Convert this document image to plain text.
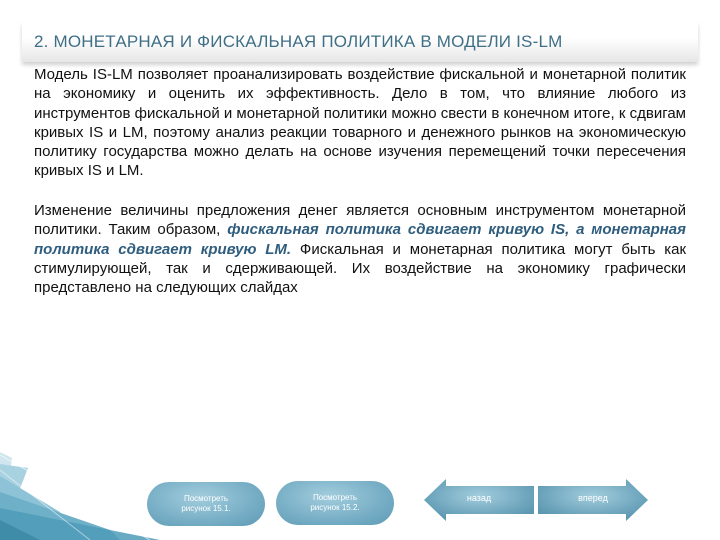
2. МОНЕТАРНАЯ И ФИСКАЛЬНАЯ ПОЛИТИКА В МОДЕЛИ IS-LM
Модель IS-LM позволяет проанализировать воздействие фискальной и монетарной политик на экономику и оценить их эффективность. Дело в том, что влияние любого из инструментов фискальной и монетарной политики можно свести в конечном итоге, к сдвигам кривых IS и LM, поэтому анализ реакции товарного и денежного рынков на экономическую политику государства можно делать на основе изучения перемещений точки пересечения кривых IS и LM.
Изменение величины предложения денег является основным инструментом монетарной политики. Таким образом, фискальная политика сдвигает кривую IS, а монетарная политика сдвигает кривую LM. Фискальная и монетарная политика могут быть как стимулирующей, так и сдерживающей. Их воздействие на экономику графически представлено на следующих слайдах
Посмотреть
рисунок 15.1.
Посмотреть
рисунок 15.2.
назад	вперед
